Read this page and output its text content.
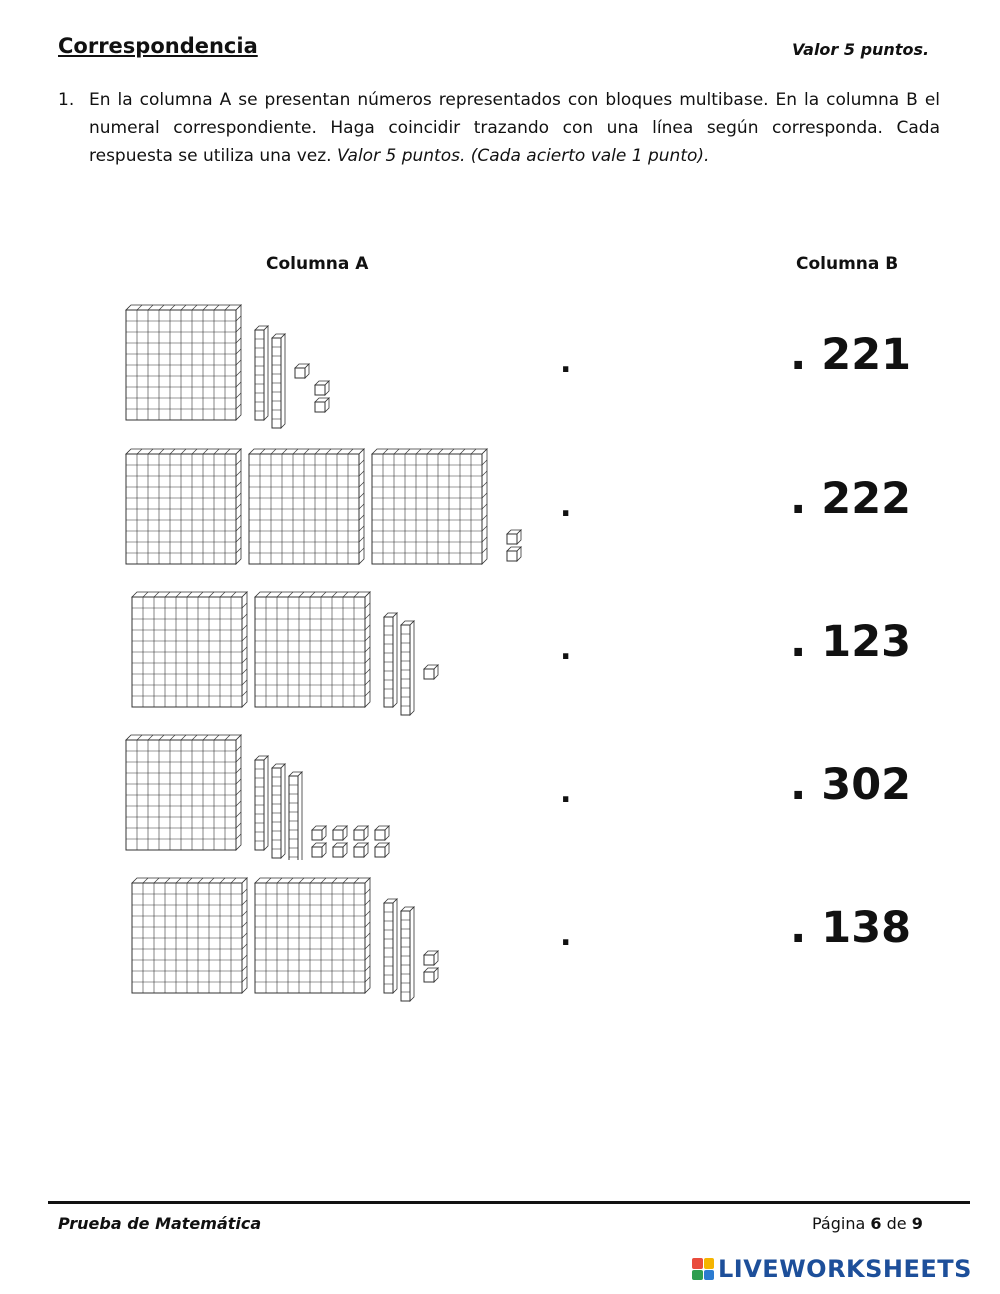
Correspondencia	Valor 5 puntos.
1. En la columna A se presentan números representados con bloques multibase. En la columna B el numeral correspondiente. Haga coincidir trazando con una línea según corresponda. Cada respuesta se utiliza una vez. Valor 5 puntos. (Cada acierto vale 1 punto).
Columna A	Columna B
.	. 221
.	. 222
.	. 123
.	. 302
.	. 138
Prueba de Matemática	Página 6 de 9
LIVEWORKSHEETS
